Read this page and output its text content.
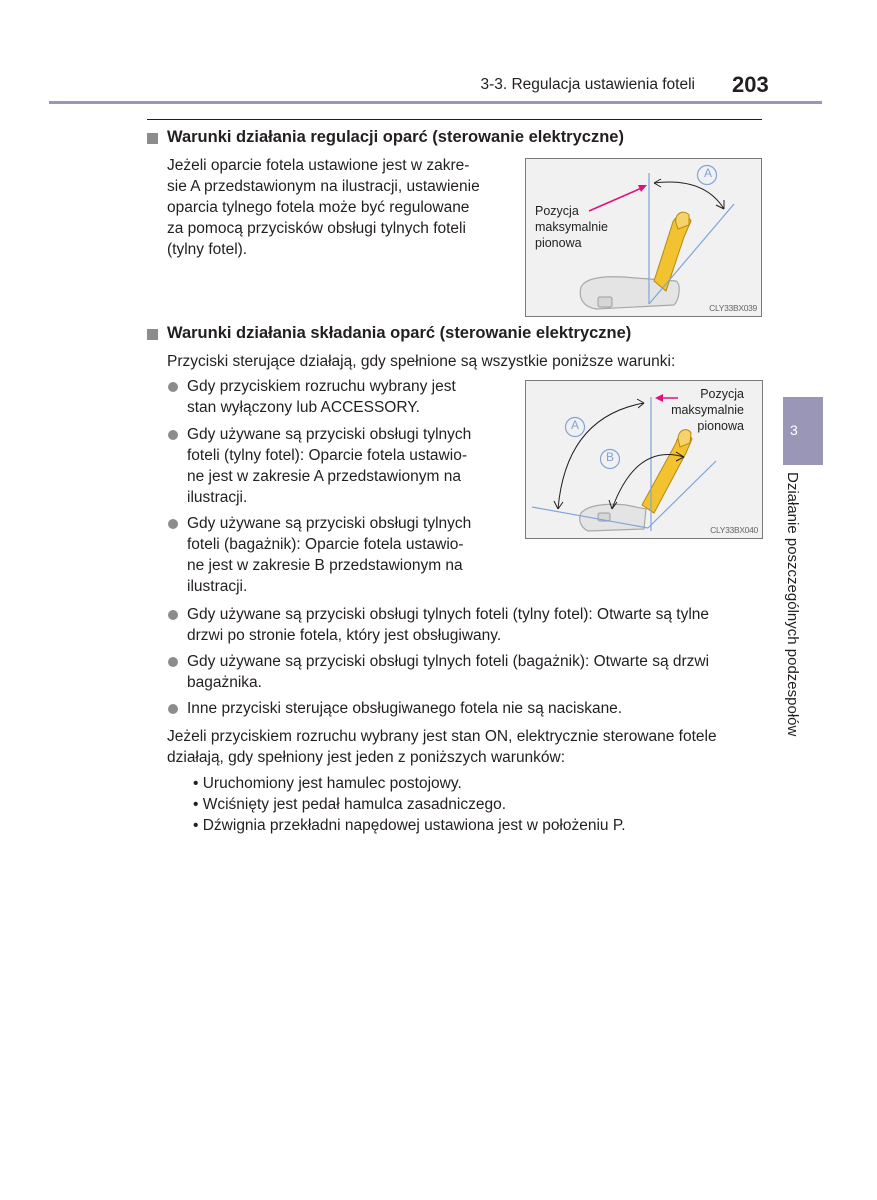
3-3. Regulacja ustawienia foteli 203
Warunki działania regulacji oparć (sterowanie elektryczne)
Jeżeli oparcie fotela ustawione jest w zakre-
sie A przedstawionym na ilustracji, ustawienie
oparcia tylnego fotela może być regulowane
za pomocą przycisków obsługi tylnych foteli
(tylny fotel).
A
Pozycja
maksymalnie
pionowa
CLY33BX039
Warunki działania składania oparć (sterowanie elektryczne)
Przyciski sterujące działają, gdy spełnione są wszystkie poniższe warunki:
Gdy przyciskiem rozruchu wybrany jest
stan wyłączony lub ACCESSORY.
Gdy używane są przyciski obsługi tylnych
foteli (tylny fotel): Oparcie fotela ustawio-
ne jest w zakresie A przedstawionym na
ilustracji.
Gdy używane są przyciski obsługi tylnych
foteli (bagażnik): Oparcie fotela ustawio-
ne jest w zakresie B przedstawionym na
ilustracji.
A
B
Pozycja
maksymalnie
pionowa
CLY33BX040
Gdy używane są przyciski obsługi tylnych foteli (tylny fotel): Otwarte są tylne
drzwi po stronie fotela, który jest obsługiwany.
Gdy używane są przyciski obsługi tylnych foteli (bagażnik): Otwarte są drzwi
bagażnika.
Inne przyciski sterujące obsługiwanego fotela nie są naciskane.
Jeżeli przyciskiem rozruchu wybrany jest stan ON, elektrycznie sterowane fotele
działają, gdy spełniony jest jeden z poniższych warunków:
• Uruchomiony jest hamulec postojowy.
• Wciśnięty jest pedał hamulca zasadniczego.
• Dźwignia przekładni napędowej ustawiona jest w położeniu P.
3
Działanie poszczególnych podzespołów
